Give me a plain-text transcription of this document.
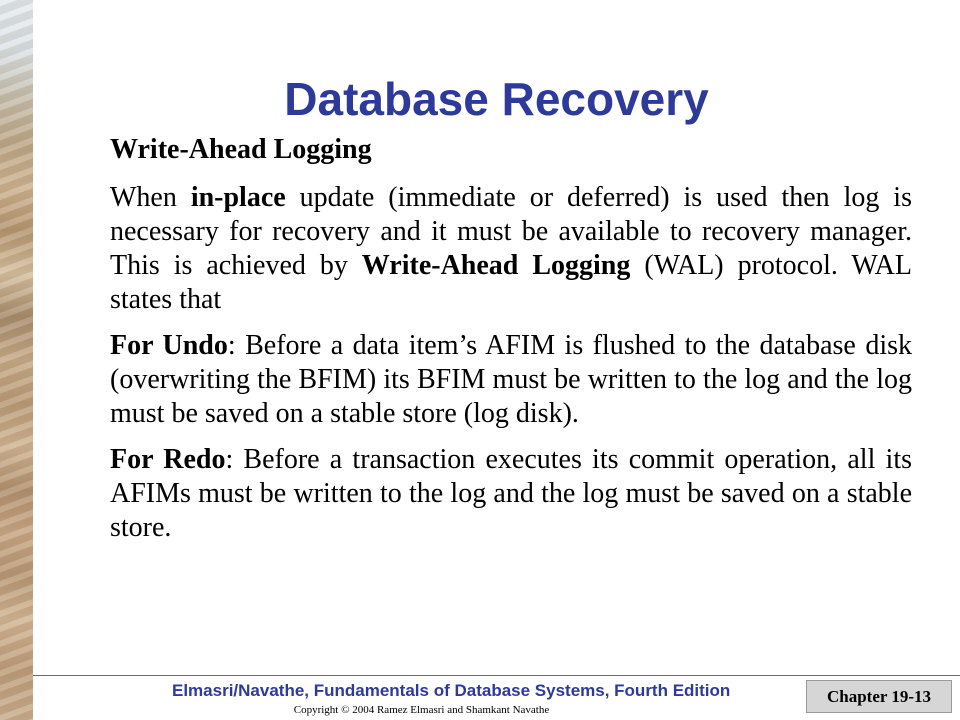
Database Recovery

Write-Ahead Logging

When in-place update (immediate or deferred) is used then log is necessary for recovery and it must be available to recovery manager. This is achieved by Write-Ahead Logging (WAL) protocol. WAL states that

For Undo: Before a data item’s AFIM is flushed to the database disk (overwriting the BFIM) its BFIM must be written to the log and the log must be saved on a stable store (log disk).

For Redo: Before a transaction executes its commit operation, all its AFIMs must be written to the log and the log must be saved on a stable store.

Elmasri/Navathe, Fundamentals of Database Systems, Fourth Edition
Copyright © 2004 Ramez Elmasri and Shamkant Navathe
Chapter 19-13
